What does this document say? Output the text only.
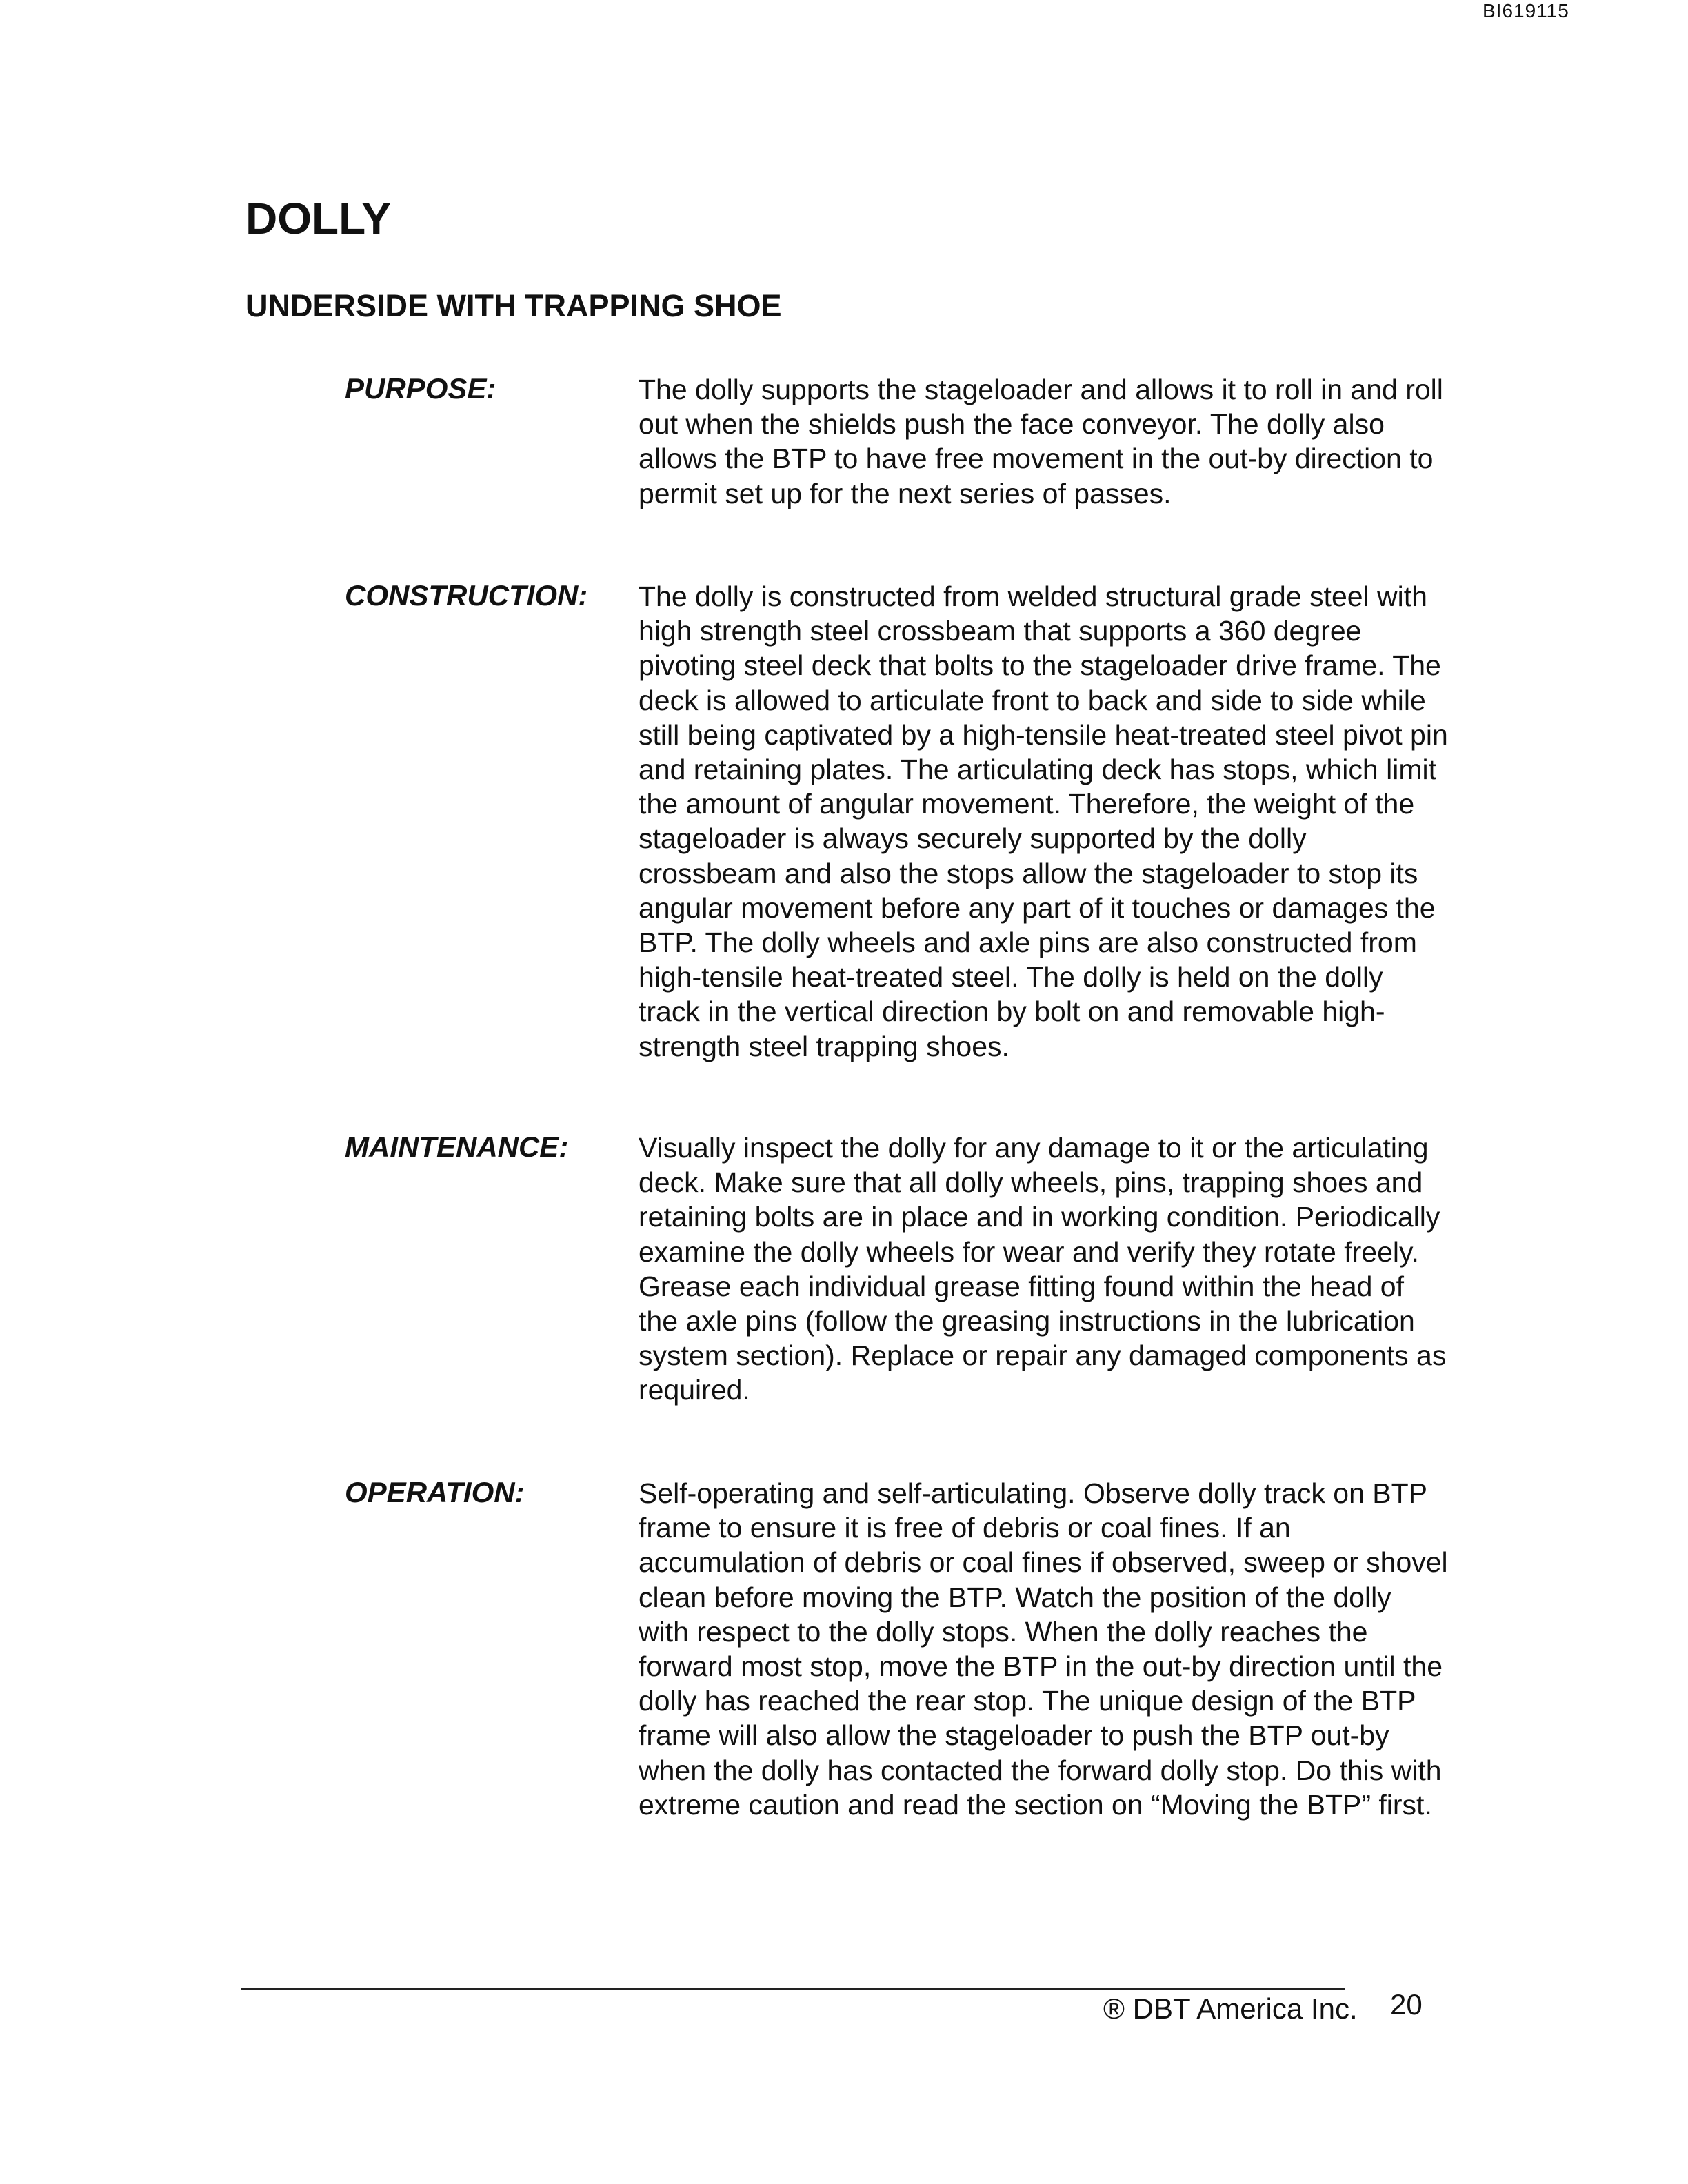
BI619115
DOLLY
UNDERSIDE WITH TRAPPING SHOE
PURPOSE:	The dolly supports the stageloader and allows it to roll in and roll out when the shields push the face conveyor. The dolly also allows the BTP to have free movement in the out-by direction to permit set up for the next series of passes.

CONSTRUCTION: The dolly is constructed from welded structural grade steel with high strength steel crossbeam that supports a 360 degree pivoting steel deck that bolts to the stageloader drive frame. The deck is allowed to articulate front to back and side to side while still being captivated by a high-tensile heat-treated steel pivot pin and retaining plates. The articulating deck has stops, which limit the amount of angular movement. Therefore, the weight of the stageloader is always securely supported by the dolly crossbeam and also the stops allow the stageloader to stop its angular movement before any part of it touches or damages the BTP. The dolly wheels and axle pins are also constructed from high-tensile heat-treated steel. The dolly is held on the dolly track in the vertical direction by bolt on and removable high-strength steel trapping shoes.

MAINTENANCE: Visually inspect the dolly for any damage to it or the articulating deck. Make sure that all dolly wheels, pins, trapping shoes and retaining bolts are in place and in working condition. Periodically examine the dolly wheels for wear and verify they rotate freely. Grease each individual grease fitting found within the head of the axle pins (follow the greasing instructions in the lubrication system section). Replace or repair any damaged components as required.

OPERATION:	Self-operating and self-articulating. Observe dolly track on BTP frame to ensure it is free of debris or coal fines. If an accumulation of debris or coal fines if observed, sweep or shovel clean before moving the BTP. Watch the position of the dolly with respect to the dolly stops. When the dolly reaches the forward most stop, move the BTP in the out-by direction until the dolly has reached the rear stop. The unique design of the BTP frame will also allow the stageloader to push the BTP out-by when the dolly has contacted the forward dolly stop. Do this with extreme caution and read the section on “Moving the BTP” first.

® DBT America Inc. 20
